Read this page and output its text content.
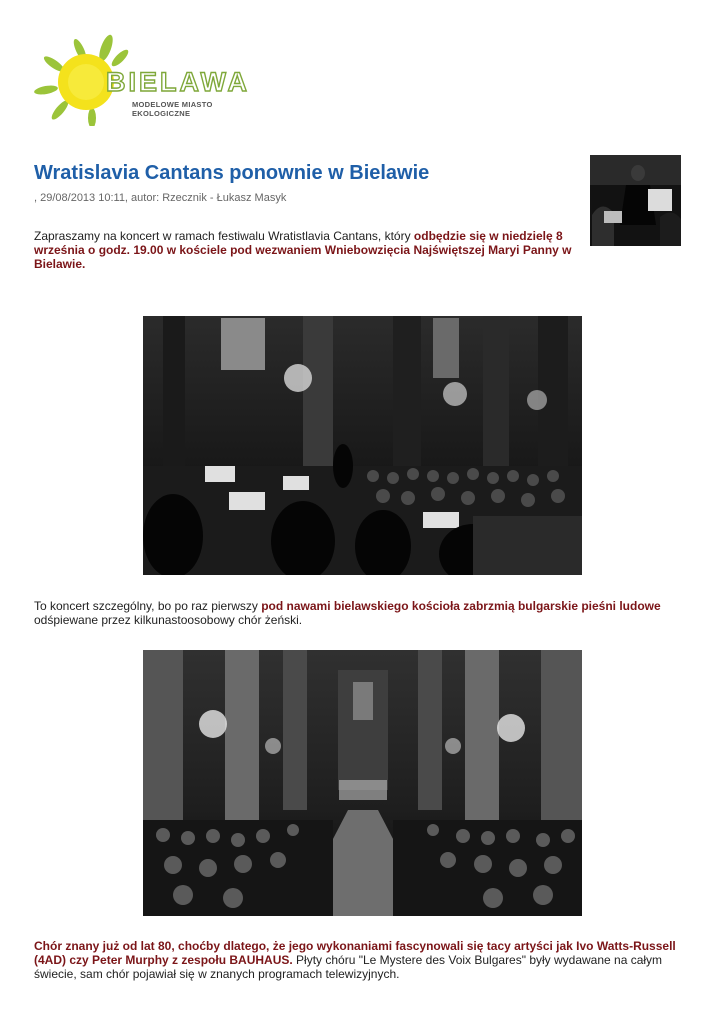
BIELAWA
MODELOWE MIASTO EKOLOGICZNE
Wratislavia Cantans ponownie w Bielawie
, 29/08/2013 10:11, autor: Rzecznik - Łukasz Masyk

Zapraszamy na koncert w ramach festiwalu Wratistlavia Cantans, który odbędzie się w niedzielę 8 września o godz. 19.00 w kościele pod wezwaniem Wniebowzięcia Najświętszej Maryi Panny w Bielawie.

To koncert szczególny, bo po raz pierwszy pod nawami bielawskiego kościoła zabrzmią bulgarskie pieśni ludowe odśpiewane przez kilkunastoosobowy chór żeński.

Chór znany już od lat 80, choćby dlatego, że jego wykonaniami fascynowali się tacy artyści jak Ivo Watts-Russell (4AD) czy Peter Murphy z zespołu BAUHAUS. Płyty chóru "Le Mystere des Voix Bulgares" były wydawane na całym świecie, sam chór pojawiał się w znanych programach telewizyjnych.
